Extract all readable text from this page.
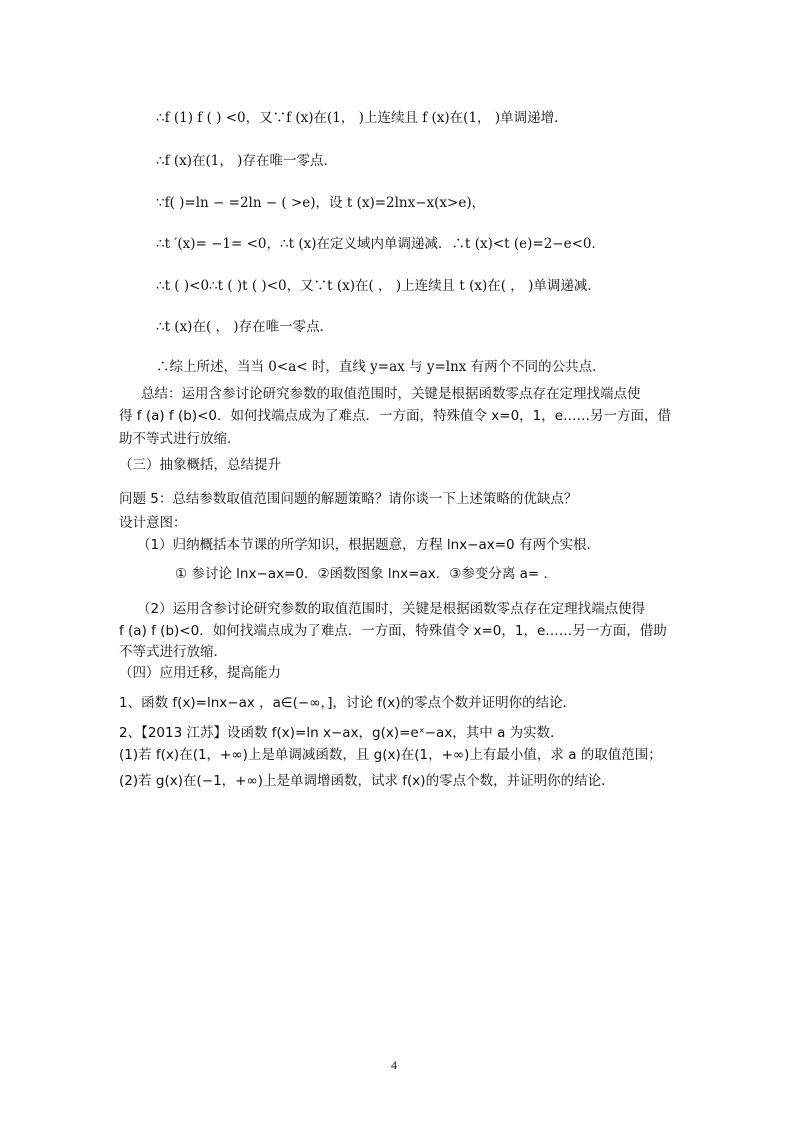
∴f (1) f ( ) <0，又∵f (x)在(1， )上连续且 f (x)在(1， )单调递增．
∴f (x)在(1， )存在唯一零点．
∵f( )=ln − =2ln − ( >e)，设 t (x)=2lnx−x(x>e)，
∴t ′(x)= −1= <0，∴t (x)在定义域内单调递减．∴t (x)<t (e)=2−e<0．
∴t ( )<0∴t ( )t ( )<0，又∵t (x)在( ， )上连续且 t (x)在( ， )单调递减．
∴t (x)在( ， )存在唯一零点．
∴综上所述，当当 0<a< 时，直线 y=ax 与 y=lnx 有两个不同的公共点．
总结：运用含参讨论研究参数的取值范围时，关键是根据函数零点存在定理找端点使
得 f (a) f (b)<0．如何找端点成为了难点．一方面，特殊值令 x=0，1，e……另一方面，借
助不等式进行放缩．
（三）抽象概括，总结提升
问题 5：总结参数取值范围问题的解题策略？请你谈一下上述策略的优缺点？
设计意图：
（1）归纳概括本节课的所学知识，根据题意，方程 lnx−ax=0 有两个实根．
① 参讨论 lnx−ax=0．②函数图象 lnx=ax．③参变分离 a= ．
（2）运用含参讨论研究参数的取值范围时，关键是根据函数零点存在定理找端点使得
f (a) f (b)<0．如何找端点成为了难点．一方面，特殊值令 x=0，1，e……另一方面，借助
不等式进行放缩．
（四）应用迁移，提高能力
1、函数 f(x)=lnx−ax ，a∈(−∞，]，讨论 f(x)的零点个数并证明你的结论．
2、【2013 江苏】设函数 f(x)=ln x−ax，g(x)=eˣ−ax，其中 a 为实数．
(1)若 f(x)在(1，+∞)上是单调减函数，且 g(x)在(1，+∞)上有最小值，求 a 的取值范围；
(2)若 g(x)在(−1，+∞)上是单调增函数，试求 f(x)的零点个数，并证明你的结论．
4
